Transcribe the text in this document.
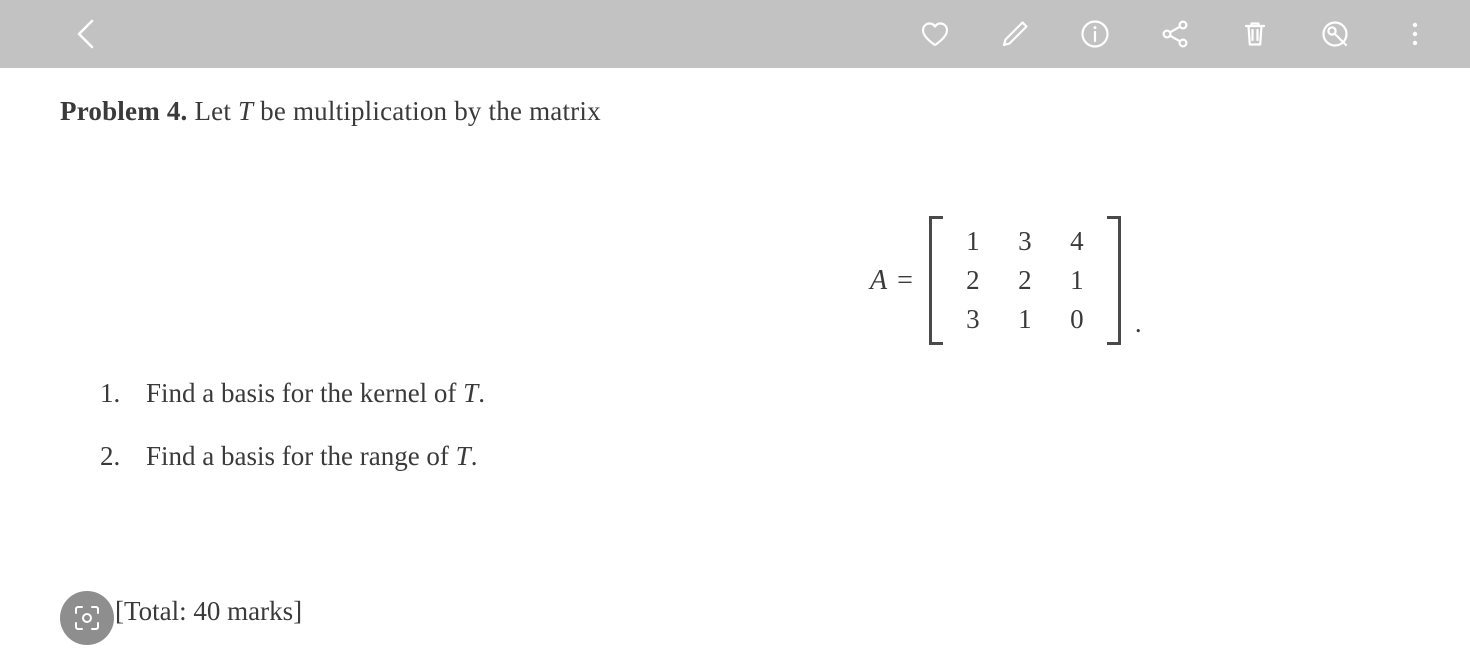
Problem 4. Let T be multiplication by the matrix
A =
1	3	4
2	2	1
3	1	0	.
1. Find a basis for the kernel of T.
2. Find a basis for the range of T.
[Total: 40 marks]
